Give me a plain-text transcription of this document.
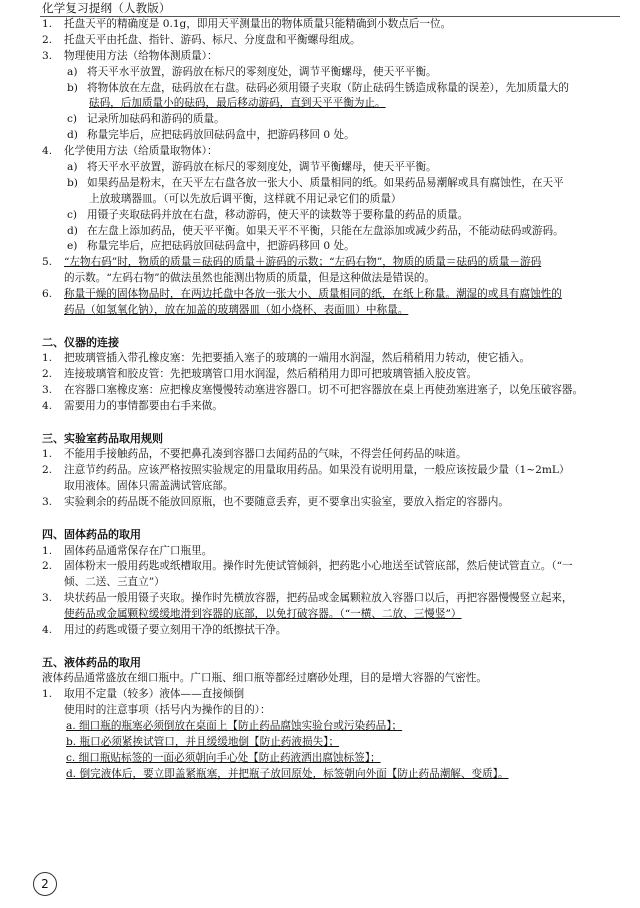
化学复习提纲（人教版）
1.	托盘天平的精确度是 0.1g，即用天平测量出的物体质量只能精确到小数点后一位。
2.	托盘天平由托盘、指针、游码、标尺、分度盘和平衡螺母组成。
3.	物理使用方法（给物体测质量）：
a) 将天平水平放置，游码放在标尺的零刻度处，调节平衡螺母，使天平平衡。
b) 将物体放在左盘，砝码放在右盘。砝码必须用镊子夹取（防止砝码生锈造成称量的误差），先加质量大的
砝码，后加质量小的砝码，最后移动游码，直到天平平衡为止。
c) 记录所加砝码和游码的质量。
d) 称量完毕后，应把砝码放回砝码盒中，把游码移回 0 处。
4.	化学使用方法（给质量取物体）：
a) 将天平水平放置，游码放在标尺的零刻度处，调节平衡螺母，使天平平衡。
b) 如果药品是粉末，在天平左右盘各放一张大小、质量相同的纸。如果药品易潮解或具有腐蚀性，在天平
上放玻璃器皿。（可以先放后调平衡，这样就不用记录它们的质量）
c) 用镊子夹取砝码并放在右盘，移动游码，使天平的读数等于要称量的药品的质量。
d) 在左盘上添加药品，使天平平衡。如果天平不平衡，只能在左盘添加或减少药品，不能动砝码或游码。
e) 称量完毕后，应把砝码放回砝码盒中，把游码移回 0 处。
5.	“左物右码”时，物质的质量＝砝码的质量＋游码的示数；“左码右物”，物质的质量＝砝码的质量－游码
的示数。“左码右物”的做法虽然也能测出物质的质量，但是这种做法是错误的。
6.	称量干燥的固体物品时，在两边托盘中各放一张大小、质量相同的纸，在纸上称量。潮湿的或具有腐蚀性的
药品（如氢氧化钠），放在加盖的玻璃器皿（如小烧杯、表面皿）中称量。
二、仪器的连接
1.	把玻璃管插入带孔橡皮塞：先把要插入塞子的玻璃的一端用水润湿，然后稍稍用力转动，使它插入。
2.	连接玻璃管和胶皮管：先把玻璃管口用水润湿，然后稍稍用力即可把玻璃管插入胶皮管。
3.	在容器口塞橡皮塞：应把橡皮塞慢慢转动塞进容器口。切不可把容器放在桌上再使劲塞进塞子，以免压破容器。
4.	需要用力的事情都要由右手来做。
三、实验室药品取用规则
1.	不能用手接触药品，不要把鼻孔凑到容器口去闻药品的气味，不得尝任何药品的味道。
2.	注意节约药品。应该严格按照实验规定的用量取用药品。如果没有说明用量，一般应该按最少量（1~2mL）
取用液体。固体只需盖满试管底部。
3.	实验剩余的药品既不能放回原瓶，也不要随意丢弃，更不要拿出实验室，要放入指定的容器内。
四、固体药品的取用
1.	固体药品通常保存在广口瓶里。
2.	固体粉末一般用药匙或纸槽取用。操作时先使试管倾斜，把药匙小心地送至试管底部，然后使试管直立。（“一
倾、二送、三直立”）
3.	块状药品一般用镊子夹取。操作时先横放容器，把药品或金属颗粒放入容器口以后，再把容器慢慢竖立起来，
使药品或金属颗粒缓缓地滑到容器的底部，以免打破容器。（“一横、二放、三慢竖”）
4.	用过的药匙或镊子要立刻用干净的纸擦拭干净。
五、液体药品的取用
液体药品通常盛放在细口瓶中。广口瓶、细口瓶等都经过磨砂处理，目的是增大容器的气密性。
1.	取用不定量（较多）液体——直接倾倒
使用时的注意事项（括号内为操作的目的）：
a. 细口瓶的瓶塞必须倒放在桌面上【防止药品腐蚀实验台或污染药品】；
b. 瓶口必须紧挨试管口，并且缓缓地倒【防止药液损失】；
c. 细口瓶贴标签的一面必须朝向手心处【防止药液洒出腐蚀标签】；
d. 倒完液体后，要立即盖紧瓶塞，并把瓶子放回原处，标签朝向外面【防止药品潮解、变质】。
2
